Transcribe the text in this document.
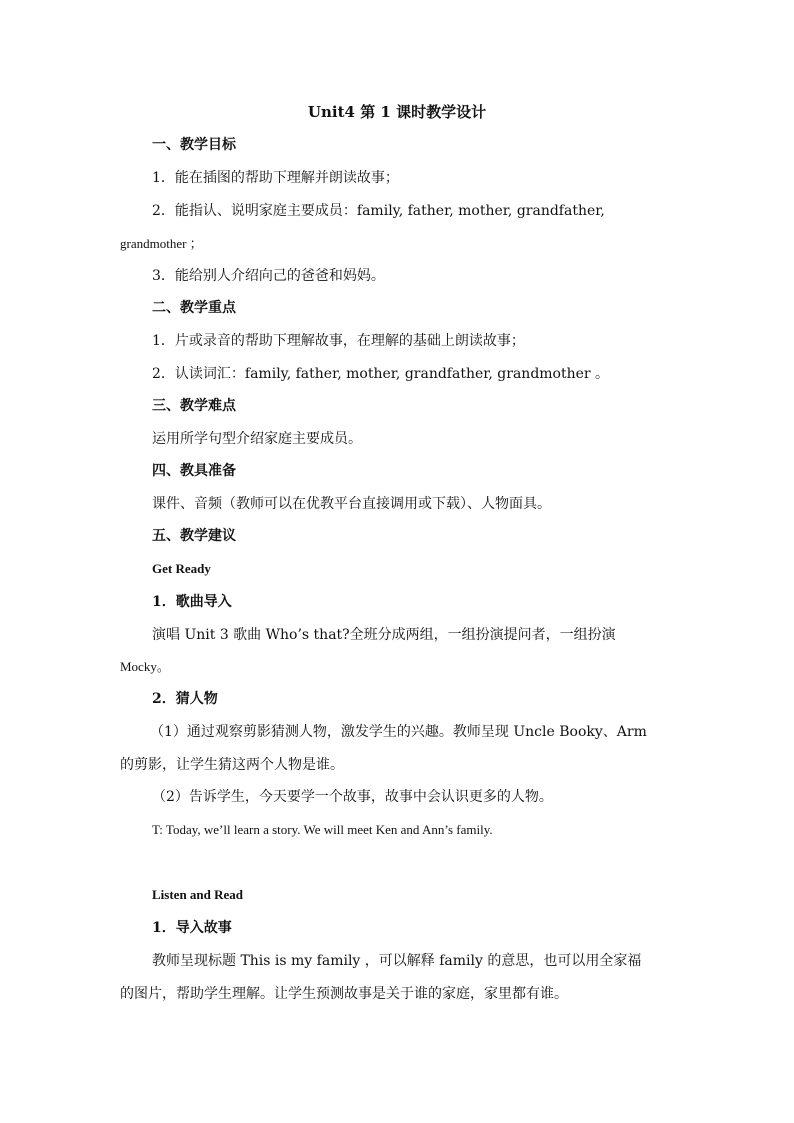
Unit4 第 1 课时教学设计
一、教学目标
1．能在插图的帮助下理解并朗读故事；
2．能指认、说明家庭主要成员：family, father, mother, grandfather,
grandmother ；
3．能给别人介绍向己的爸爸和妈妈。
二、教学重点
1．片或录音的帮助下理解故事，在理解的基础上朗读故事；
2．认读词汇：family, father, mother, grandfather, grandmother 。
三、教学难点
运用所学句型介绍家庭主要成员。
四、教具准备
课件、音频（教师可以在优教平台直接调用或下载）、人物面具。
五、教学建议
Get Ready
1．歌曲导入
演唱 Unit 3 歌曲 Who’s that?全班分成两组，一组扮演提问者，一组扮演
Mocky。
2．猜人物
（1）通过观察剪影猜测人物，激发学生的兴趣。教师呈现 Uncle Booky、Arm
的剪影，让学生猜这两个人物是谁。
（2）告诉学生，今天要学一个故事，故事中会认识更多的人物。
T: Today, we’ll learn a story. We will meet Ken and Ann’s family.
Listen and Read
1．导入故事
教师呈现标题 This is my family ，可以解释 family 的意思，也可以用全家福
的图片，帮助学生理解。让学生预测故事是关于谁的家庭，家里都有谁。
